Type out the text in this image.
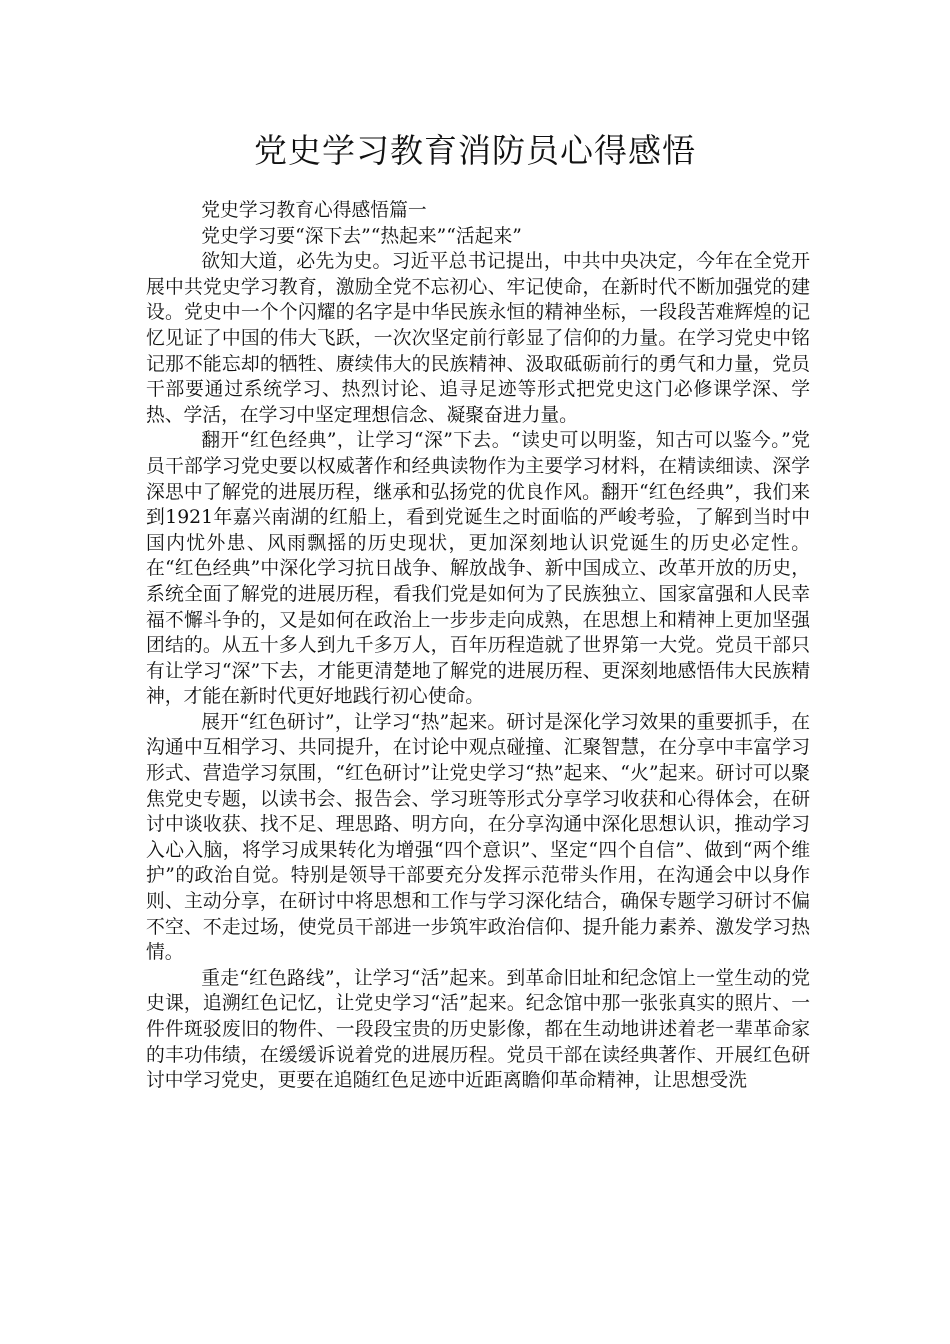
党史学习教育消防员心得感悟

党史学习教育心得感悟篇一

党史学习要“深下去”“热起来”“活起来”

欲知大道，必先为史。习近平总书记提出，中共中央决定，今年在全党开展中共党史学习教育，激励全党不忘初心、牢记使命，在新时代不断加强党的建设。党史中一个个闪耀的名字是中华民族永恒的精神坐标，一段段苦难辉煌的记忆见证了中国的伟大飞跃，一次次坚定前行彰显了信仰的力量。在学习党史中铭记那不能忘却的牺牲、赓续伟大的民族精神、汲取砥砺前行的勇气和力量，党员干部要通过系统学习、热烈讨论、追寻足迹等形式把党史这门必修课学深、学热、学活，在学习中坚定理想信念、凝聚奋进力量。

翻开“红色经典”，让学习“深”下去。“读史可以明鉴，知古可以鉴今。”党员干部学习党史要以权威著作和经典读物作为主要学习材料，在精读细读、深学深思中了解党的进展历程，继承和弘扬党的优良作风。翻开“红色经典”，我们来到1921年嘉兴南湖的红船上，看到党诞生之时面临的严峻考验，了解到当时中国内忧外患、风雨飘摇的历史现状，更加深刻地认识党诞生的历史必定性。在“红色经典”中深化学习抗日战争、解放战争、新中国成立、改革开放的历史，系统全面了解党的进展历程，看我们党是如何为了民族独立、国家富强和人民幸福不懈斗争的，又是如何在政治上一步步走向成熟，在思想上和精神上更加坚强团结的。从五十多人到九千多万人，百年历程造就了世界第一大党。党员干部只有让学习“深”下去，才能更清楚地了解党的进展历程、更深刻地感悟伟大民族精神，才能在新时代更好地践行初心使命。

展开“红色研讨”，让学习“热”起来。研讨是深化学习效果的重要抓手，在沟通中互相学习、共同提升，在讨论中观点碰撞、汇聚智慧，在分享中丰富学习形式、营造学习氛围，“红色研讨”让党史学习“热”起来、“火”起来。研讨可以聚焦党史专题，以读书会、报告会、学习班等形式分享学习收获和心得体会，在研讨中谈收获、找不足、理思路、明方向，在分享沟通中深化思想认识，推动学习入心入脑，将学习成果转化为增强“四个意识”、坚定“四个自信”、做到“两个维护”的政治自觉。特别是领导干部要充分发挥示范带头作用，在沟通会中以身作则、主动分享，在研讨中将思想和工作与学习深化结合，确保专题学习研讨不偏不空、不走过场，使党员干部进一步筑牢政治信仰、提升能力素养、激发学习热情。

重走“红色路线”，让学习“活”起来。到革命旧址和纪念馆上一堂生动的党史课，追溯红色记忆，让党史学习“活”起来。纪念馆中那一张张真实的照片、一件件斑驳废旧的物件、一段段宝贵的历史影像，都在生动地讲述着老一辈革命家的丰功伟绩，在缓缓诉说着党的进展历程。党员干部在读经典著作、开展红色研讨中学习党史，更要在追随红色足迹中近距离瞻仰革命精神，让思想受洗
